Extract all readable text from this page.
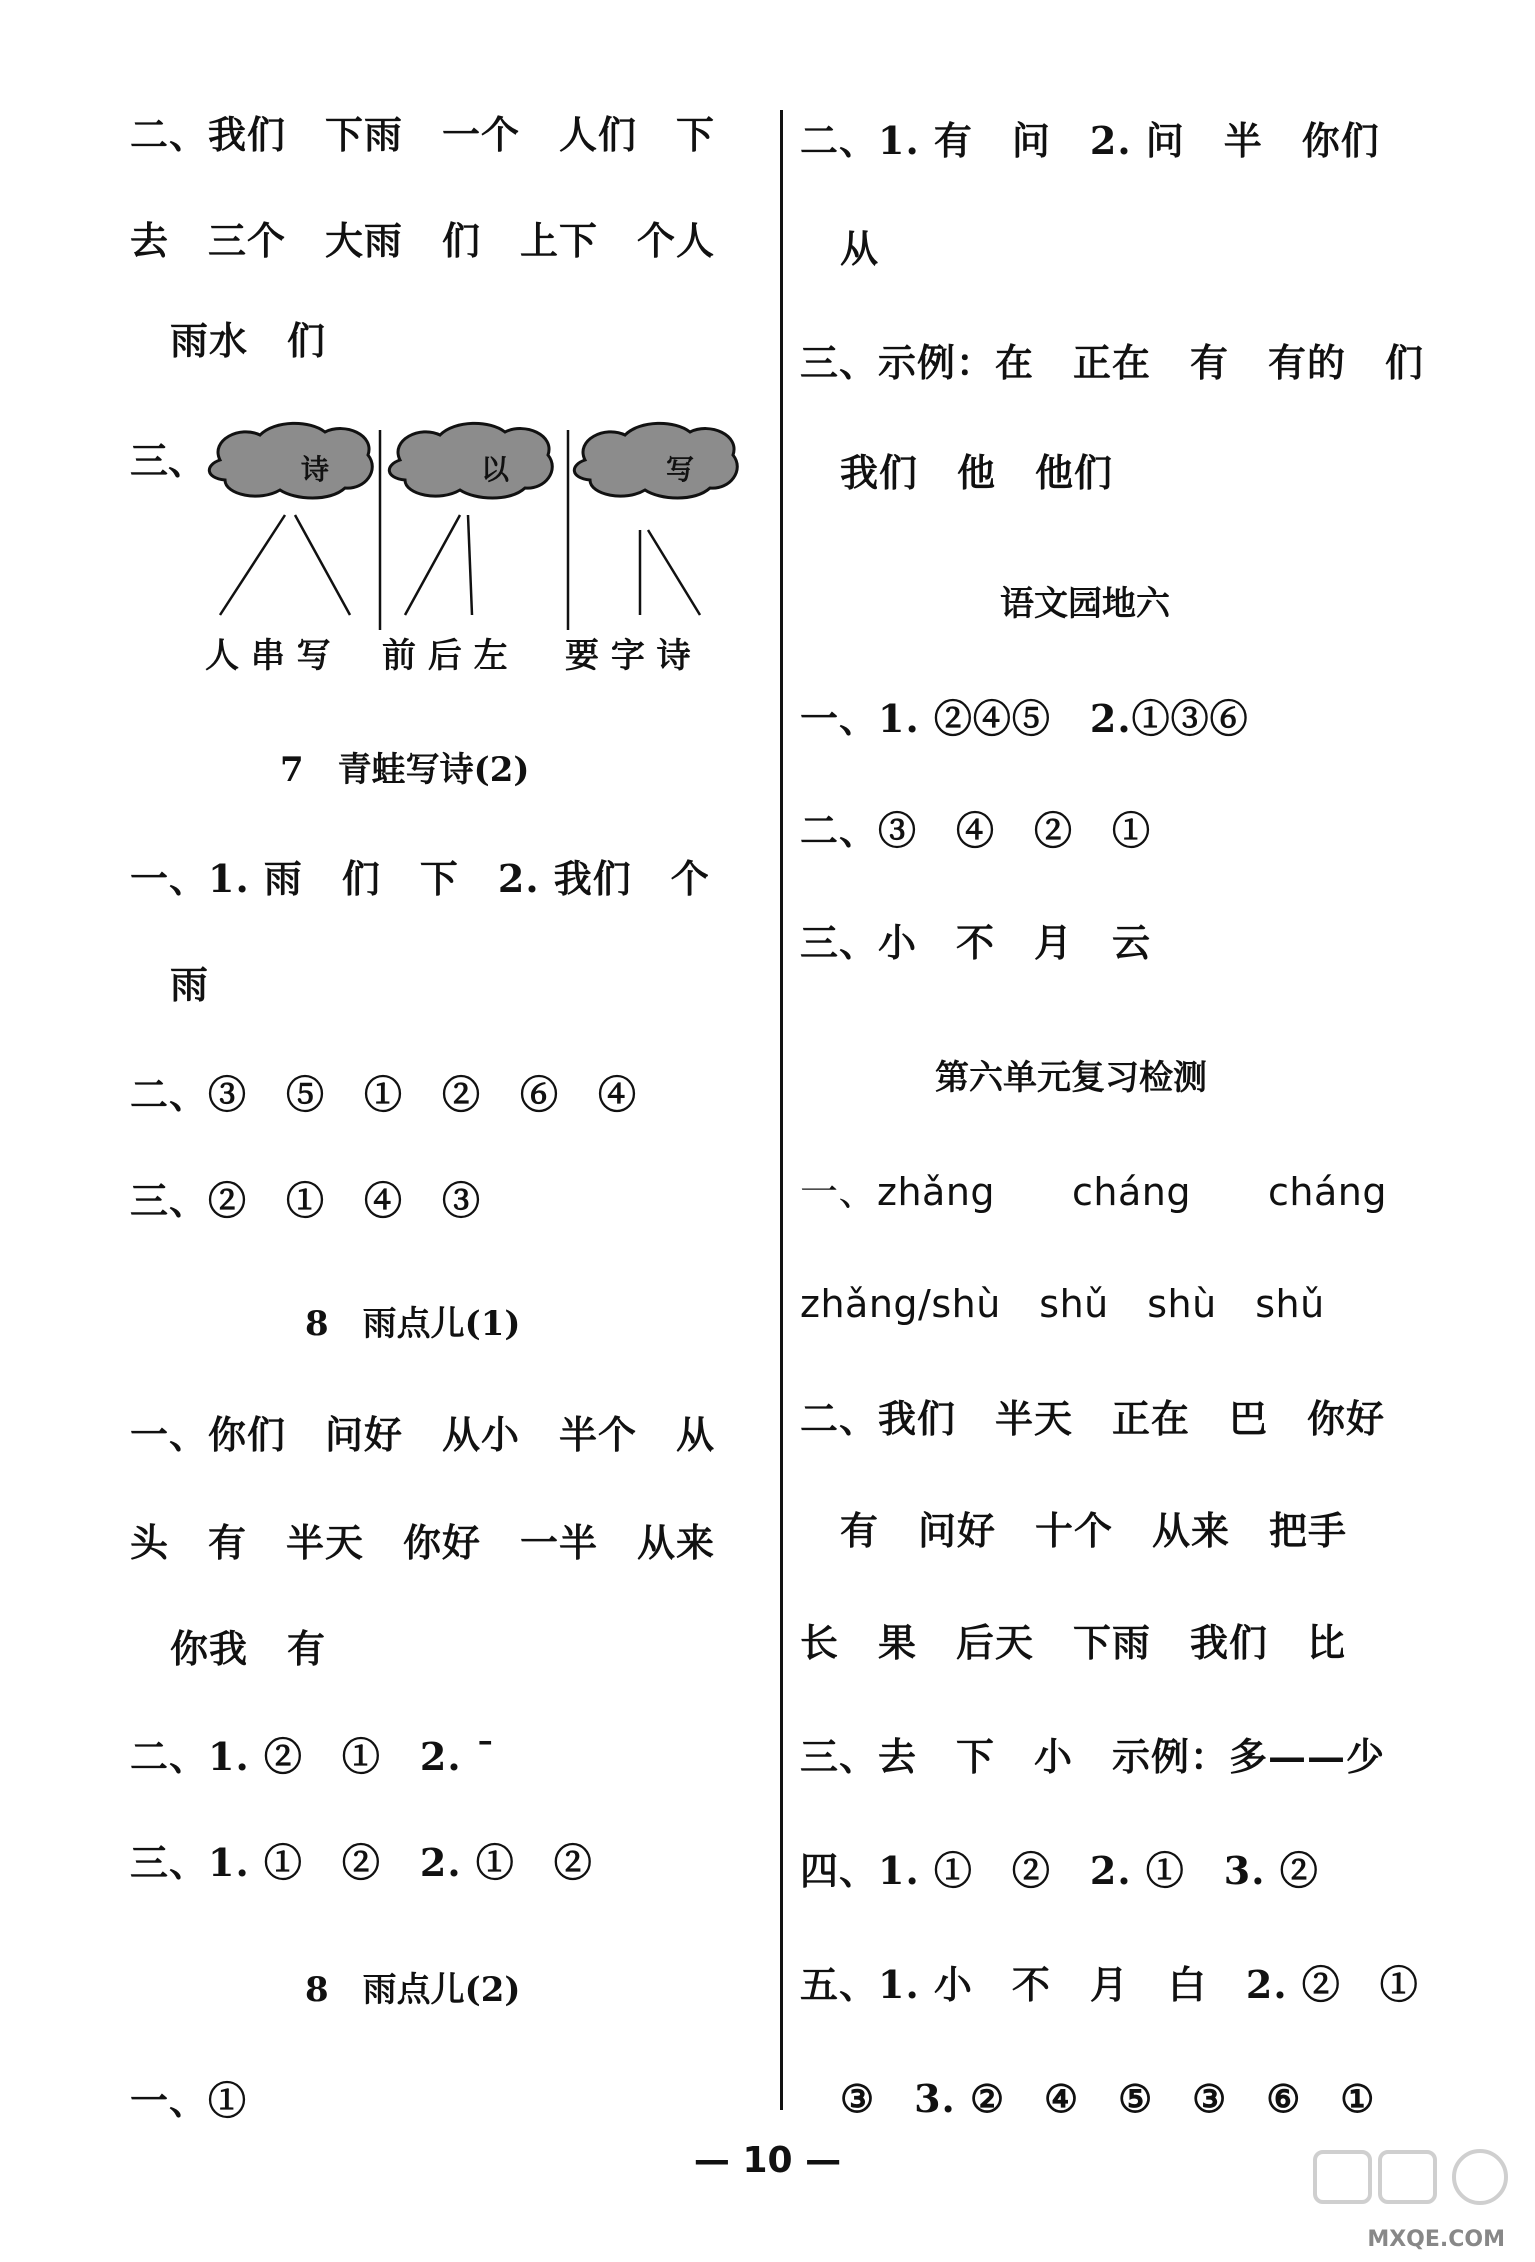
二、我们　下雨　一个　人们　下
去　三个　大雨　们　上下　个人
雨水　们
三、	诗	以	写
人 串 写 前 后 左 要 字 诗
7 青蛙写诗(2)
一、1. 雨　们　下　2. 我们　个
雨
二、③　⑤　①　②　⑥　④
三、②　①　④　③
8 雨点儿(1)
一、你们　问好　从小　半个　从
头　有　半天　你好　一半　从来
你我　有
二、1. ②　①　2. ˉ
三、1. ①　②　2. ①　②
8 雨点儿(2)
一、①
二、1. 有　问　2. 问　半　你们
从
三、示例：在　正在　有　有的　们
我们　他　他们
语文园地六
一、1. ②④⑤　2.①③⑥
二、③　④　②　①
三、小　不　月　云
第六单元复习检测
一、zhǎng　　cháng　　cháng
zhǎng/shù　shǔ　shù　shǔ
二、我们　半天　正在　巴　你好
有　问好　十个　从来　把手
长　果　后天　下雨　我们　比
三、去　下　小　示例：多——少
四、1. ①　②　2. ①　3. ②
五、1. 小　不　月　白　2. ②　①
③　3. ②　④　⑤　③　⑥　①
— 10 —
MXQE.COM
